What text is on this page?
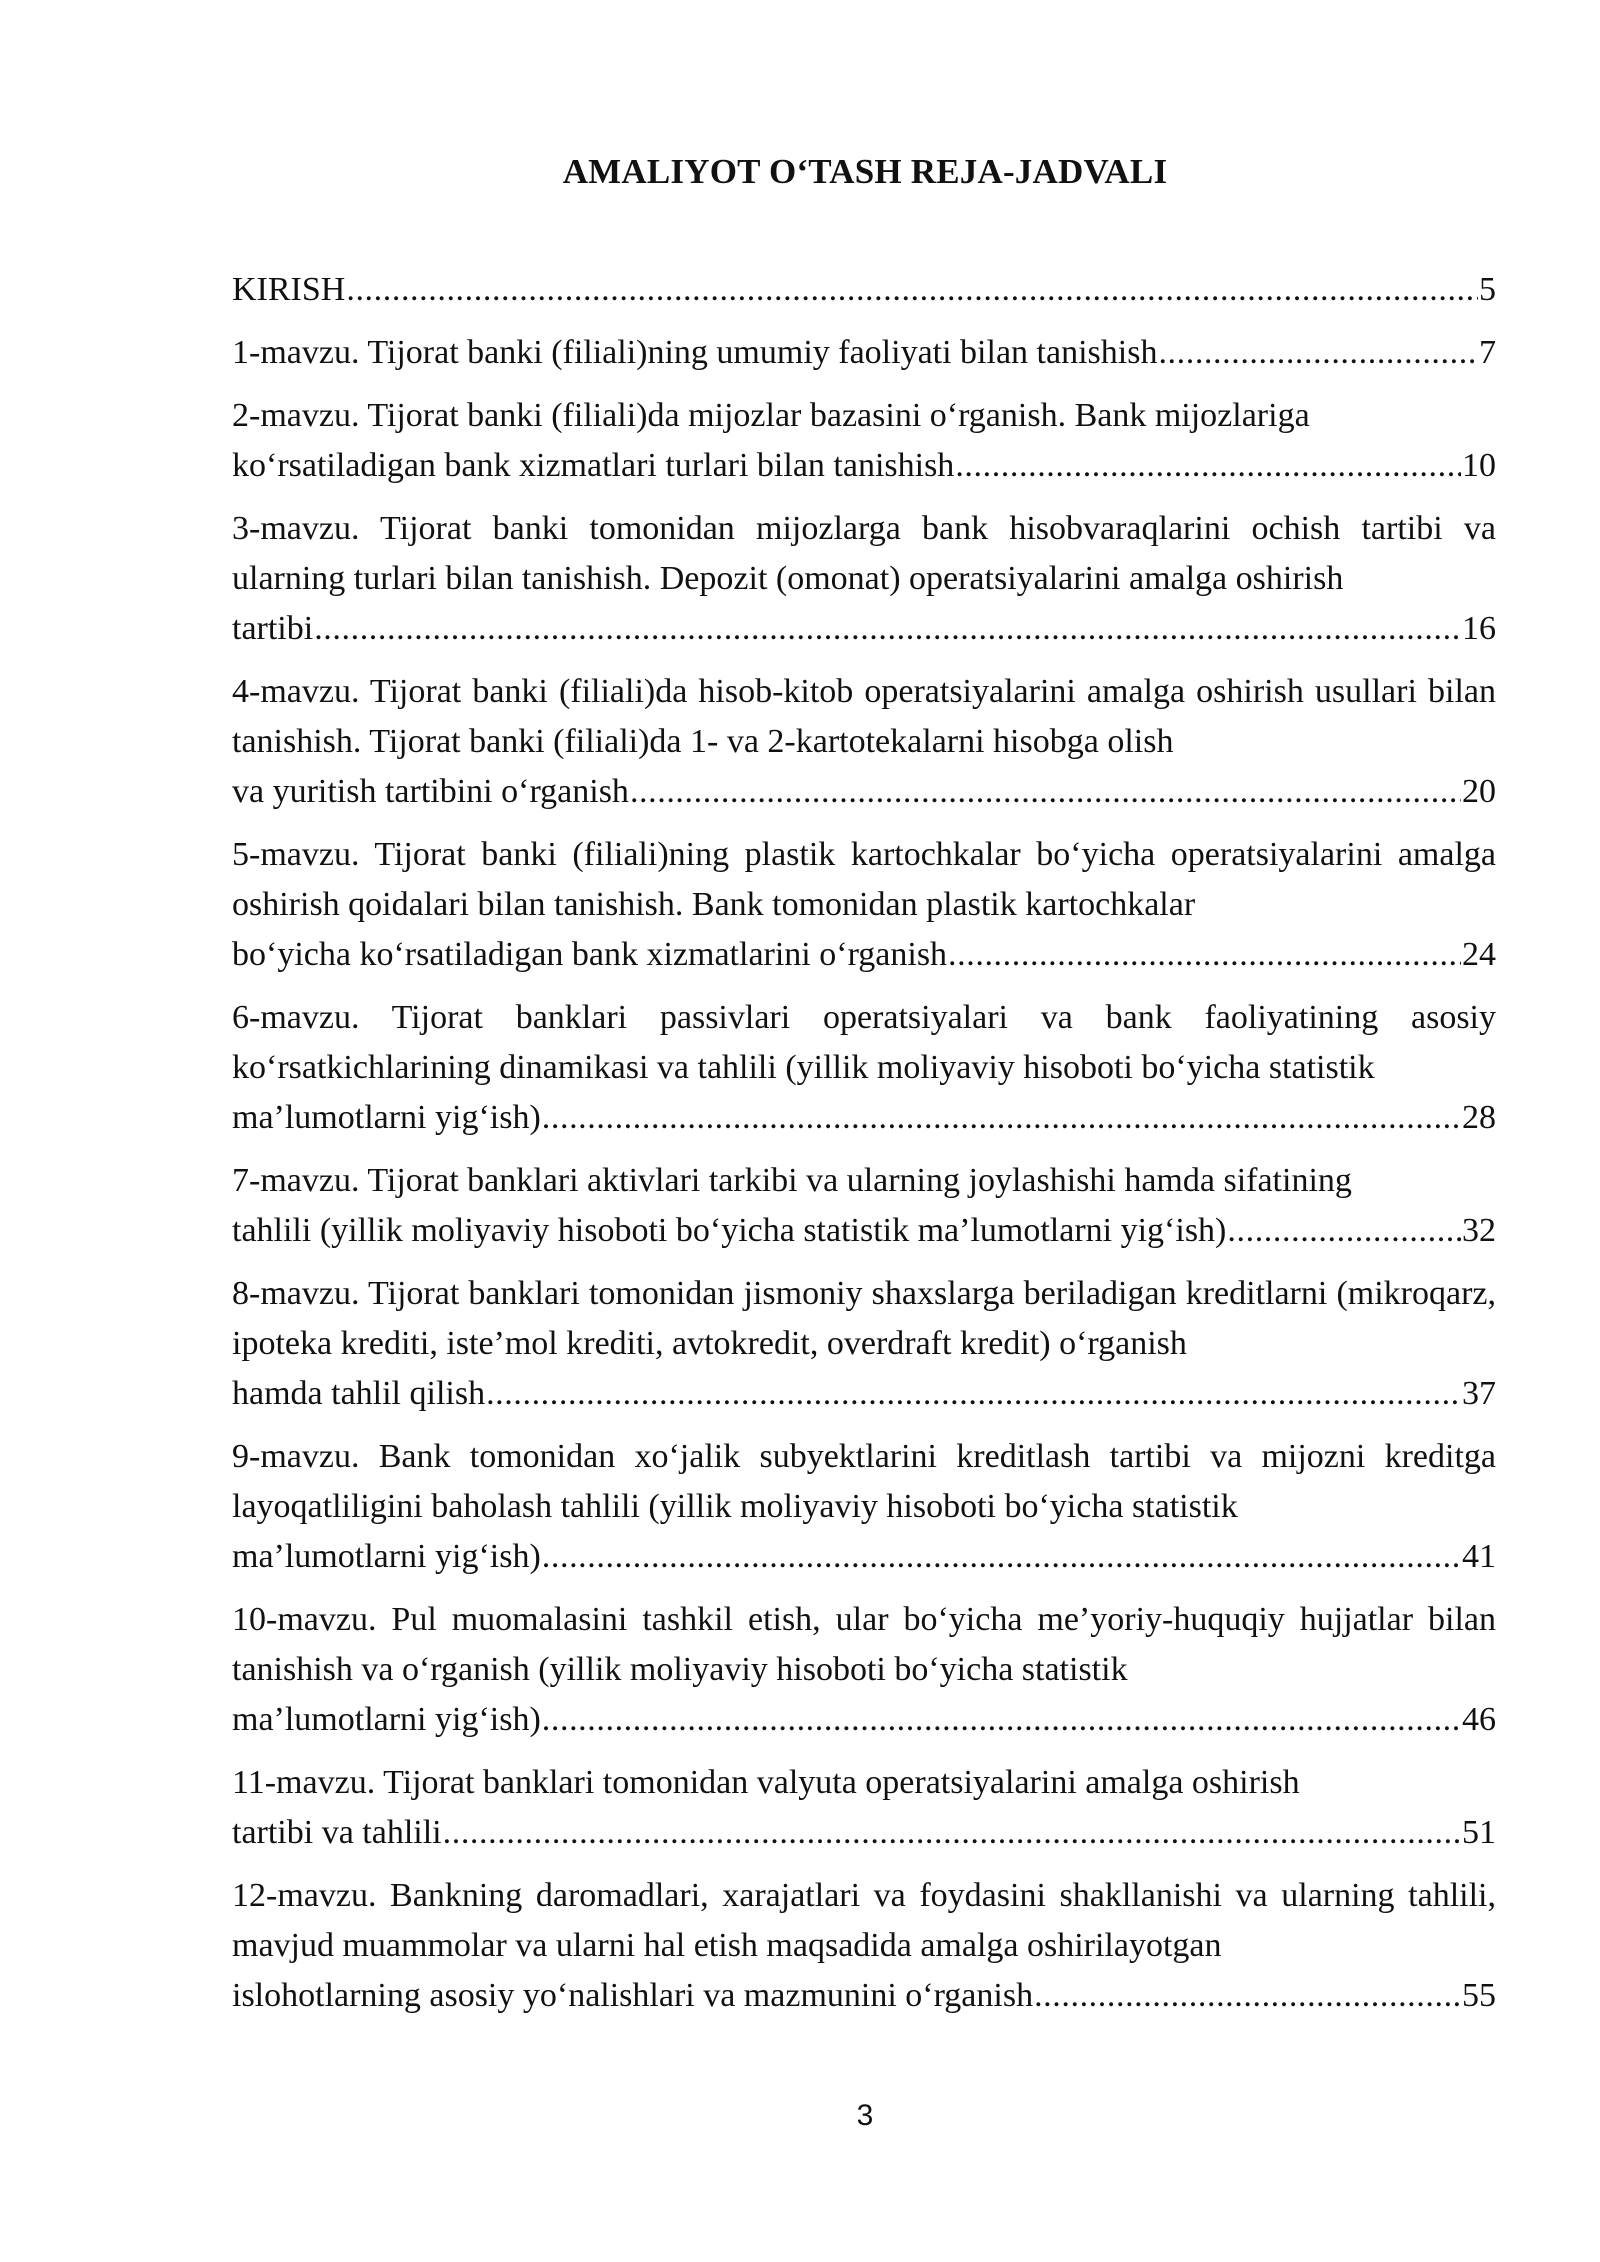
AMALIYOT O‘TASH REJA-JADVALI
KIRISH .....	5
1-mavzu. Tijorat banki (filiali)ning umumiy faoliyati bilan tanishish .....	7
2-mavzu. Tijorat banki (filiali)da mijozlar bazasini o‘rganish. Bank mijozlariga
ko‘rsatiladigan bank xizmatlari turlari bilan tanishish .....	10
3-mavzu. Tijorat banki tomonidan mijozlarga bank hisobvaraqlarini ochish tartibi va ularning turlari bilan tanishish. Depozit (omonat) operatsiyalarini amalga oshirish
tartibi .....	16
4-mavzu. Tijorat banki (filiali)da hisob-kitob operatsiyalarini amalga oshirish usullari bilan tanishish. Tijorat banki (filiali)da 1- va 2-kartotekalarni hisobga olish
va yuritish tartibini o‘rganish .....	20
5-mavzu. Tijorat banki (filiali)ning plastik kartochkalar bo‘yicha operatsiyalarini amalga oshirish qoidalari bilan tanishish. Bank tomonidan plastik kartochkalar
bo‘yicha ko‘rsatiladigan bank xizmatlarini o‘rganish .....	24
6-mavzu. Tijorat banklari passivlari operatsiyalari va bank faoliyatining asosiy ko‘rsatkichlarining dinamikasi va tahlili (yillik moliyaviy hisoboti bo‘yicha statistik
ma’lumotlarni yig‘ish) .....	28
7-mavzu. Tijorat banklari aktivlari tarkibi va ularning joylashishi hamda sifatining
tahlili (yillik moliyaviy hisoboti bo‘yicha statistik ma’lumotlarni yig‘ish) .....	32
8-mavzu. Tijorat banklari tomonidan jismoniy shaxslarga beriladigan kreditlarni (mikroqarz, ipoteka krediti, iste’mol krediti, avtokredit, overdraft kredit) o‘rganish
hamda tahlil qilish .....	37
9-mavzu. Bank tomonidan xo‘jalik subyektlarini kreditlash tartibi va mijozni kreditga layoqatliligini baholash tahlili (yillik moliyaviy hisoboti bo‘yicha statistik
ma’lumotlarni yig‘ish) .....	41
10-mavzu. Pul muomalasini tashkil etish, ular bo‘yicha me’yoriy-huquqiy hujjatlar bilan tanishish va o‘rganish (yillik moliyaviy hisoboti bo‘yicha statistik
ma’lumotlarni yig‘ish) .....	46
11-mavzu. Tijorat banklari tomonidan valyuta operatsiyalarini amalga oshirish
tartibi va tahlili .....	51
12-mavzu. Bankning daromadlari, xarajatlari va foydasini shakllanishi va ularning tahlili, mavjud muammolar va ularni hal etish maqsadida amalga oshirilayotgan
islohotlarning asosiy yo‘nalishlari va mazmunini o‘rganish .....	55
3
